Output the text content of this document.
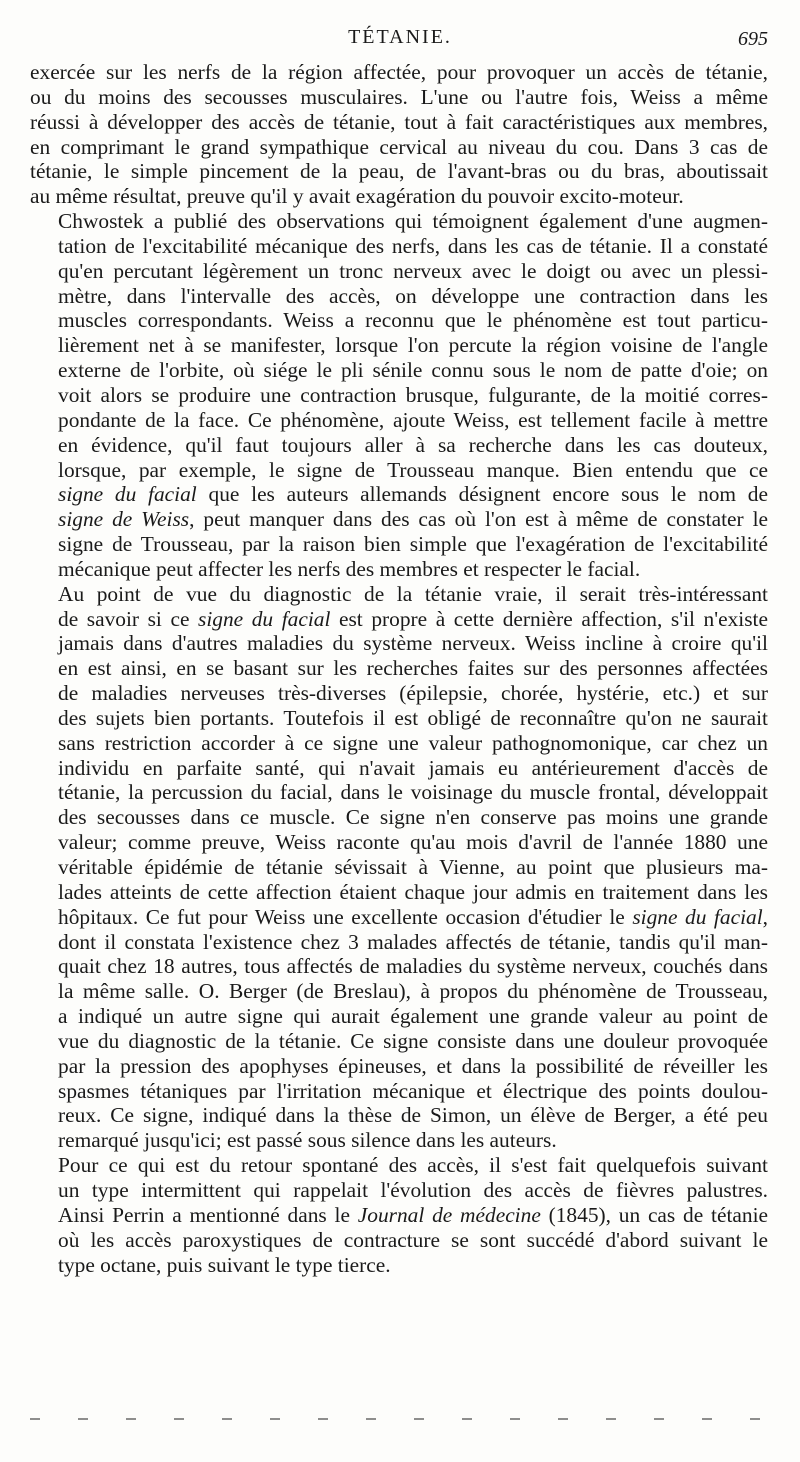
TÉTANIE.	695
exercée sur les nerfs de la région affectée, pour provoquer un accès de tétanie,
ou du moins des secousses musculaires. L'une ou l'autre fois, Weiss a même
réussi à développer des accès de tétanie, tout à fait caractéristiques aux membres,
en comprimant le grand sympathique cervical au niveau du cou. Dans 3 cas de
tétanie, le simple pincement de la peau, de l'avant-bras ou du bras, aboutissait
au même résultat, preuve qu'il y avait exagération du pouvoir excito-moteur.
Chwostek a publié des observations qui témoignent également d'une augmen-
tation de l'excitabilité mécanique des nerfs, dans les cas de tétanie. Il a constaté
qu'en percutant légèrement un tronc nerveux avec le doigt ou avec un plessi-
mètre, dans l'intervalle des accès, on développe une contraction dans les
muscles correspondants. Weiss a reconnu que le phénomène est tout particu-
lièrement net à se manifester, lorsque l'on percute la région voisine de l'angle
externe de l'orbite, où siége le pli sénile connu sous le nom de patte d'oie; on
voit alors se produire une contraction brusque, fulgurante, de la moitié corres-
pondante de la face. Ce phénomène, ajoute Weiss, est tellement facile à mettre
en évidence, qu'il faut toujours aller à sa recherche dans les cas douteux,
lorsque, par exemple, le signe de Trousseau manque. Bien entendu que ce
signe du facial que les auteurs allemands désignent encore sous le nom de
signe de Weiss, peut manquer dans des cas où l'on est à même de constater le
signe de Trousseau, par la raison bien simple que l'exagération de l'excitabilité
mécanique peut affecter les nerfs des membres et respecter le facial.
Au point de vue du diagnostic de la tétanie vraie, il serait très-intéressant
de savoir si ce signe du facial est propre à cette dernière affection, s'il n'existe
jamais dans d'autres maladies du système nerveux. Weiss incline à croire qu'il
en est ainsi, en se basant sur les recherches faites sur des personnes affectées
de maladies nerveuses très-diverses (épilepsie, chorée, hystérie, etc.) et sur
des sujets bien portants. Toutefois il est obligé de reconnaître qu'on ne saurait
sans restriction accorder à ce signe une valeur pathognomonique, car chez un
individu en parfaite santé, qui n'avait jamais eu antérieurement d'accès de
tétanie, la percussion du facial, dans le voisinage du muscle frontal, développait
des secousses dans ce muscle. Ce signe n'en conserve pas moins une grande
valeur; comme preuve, Weiss raconte qu'au mois d'avril de l'année 1880 une
véritable épidémie de tétanie sévissait à Vienne, au point que plusieurs ma-
lades atteints de cette affection étaient chaque jour admis en traitement dans les
hôpitaux. Ce fut pour Weiss une excellente occasion d'étudier le signe du facial,
dont il constata l'existence chez 3 malades affectés de tétanie, tandis qu'il man-
quait chez 18 autres, tous affectés de maladies du système nerveux, couchés dans
la même salle. O. Berger (de Breslau), à propos du phénomène de Trousseau,
a indiqué un autre signe qui aurait également une grande valeur au point de
vue du diagnostic de la tétanie. Ce signe consiste dans une douleur provoquée
par la pression des apophyses épineuses, et dans la possibilité de réveiller les
spasmes tétaniques par l'irritation mécanique et électrique des points doulou-
reux. Ce signe, indiqué dans la thèse de Simon, un élève de Berger, a été peu
remarqué jusqu'ici; est passé sous silence dans les auteurs.
Pour ce qui est du retour spontané des accès, il s'est fait quelquefois suivant
un type intermittent qui rappelait l'évolution des accès de fièvres palustres.
Ainsi Perrin a mentionné dans le Journal de médecine (1845), un cas de tétanie
où les accès paroxystiques de contracture se sont succédé d'abord suivant le
type octane, puis suivant le type tierce.
